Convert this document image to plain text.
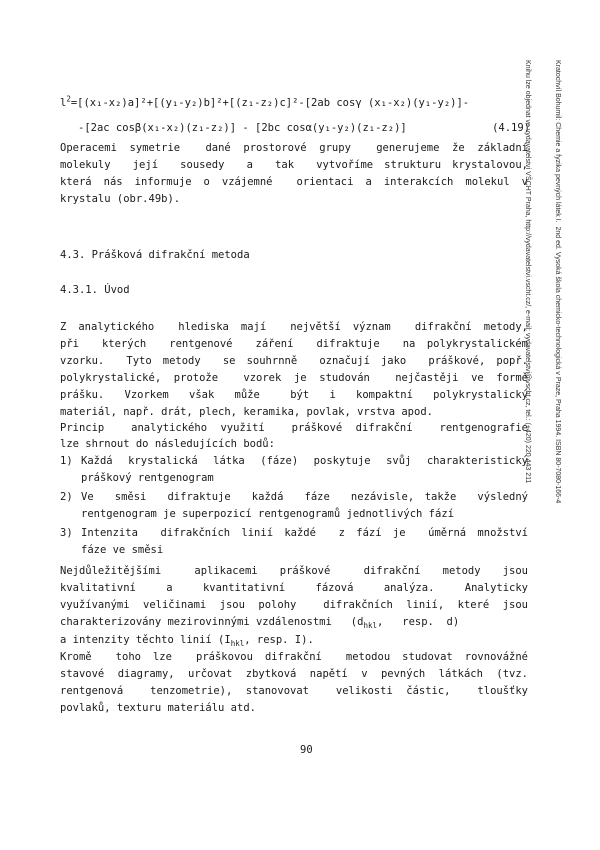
$l^2=[(x_1-x_2)a]^2+[(y_1-y_2)b]^2+[(z_1-z_2)c]^2-[2ab$ cosγ (x₁-x₂)(y₁-y₂)]-
-[2ac cosβ(x₁-x₂)(z₁-z₂)] - [2bc cosα(y₁-y₂)(z₁-z₂)]	(4.19)
Operacemi symetrie  dané prostorové grupy  generujeme že základní
molekuly  její  sousedy  a  tak  vytvoříme strukturu krystalovou,
která nás informuje o vzájemné  orientaci a interakcích molekul v
krystalu (obr.49b).
4.3. Prášková difrakční metoda
4.3.1. Úvod
Z analytického  hlediska mají  největší význam  difrakční metody,
při  kterých  rentgenové  záření  difraktuje  na polykrystalickém
vzorku.  Tyto metody  se souhrnně  označují jako  práškové, popř.
polykrystalické, protože  vzorek je studován  nejčastěji ve formě
prášku.  Vzorkem  však  může   být  i  kompaktní  polykrystalický
materiál, např. drát, plech, keramika, povlak, vrstva apod.
Princip  analytického využití  práškové difrakční  rentgenografie
lze shrnout do následujících bodů:
1) Každá krystalická látka (fáze) poskytuje svůj charakteristický
práškový rentgenogram
2) Ve  směsi  difraktuje  každá  fáze  nezávisle, takže  výsledný
rentgenogram je superpozicí rentgenogramů jednotlivých fází
3) Intenzita  difrakčních linií každé  z fází je  úměrná množství
fáze ve směsi
Nejdůležitějšími   aplikacemi  práškové   difrakční  metody  jsou
kvalitativní   a   kvantitativní   fázová   analýza.   Analyticky
využívanými veličinami jsou polohy  difrakčních linií, které jsou
charakterizovány mezirovinnými vzdálenostmi   ($d_{hkl}$,   resp.  d)
a intenzity těchto linií ($I_{hkl}$, resp. I).
Kromě  toho lze  práškovou difrakční  metodou studovat rovnovážné
stavové diagramy, určovat zbytková napětí v pevných látkách (tvz.
rentgenová  tenzometrie), stanovovat  velikosti částic,  tloušťky
povlaků, texturu materiálu atd.
90

Kratochvíl Bohumil: Chemie a fyzika pevných látek I.  2nd ed. Vysoká škola chemicko-technologická v Praze, Praha 1994. ISBN 80-7080-166-4

Knihu lze objednat ve vydavatelství VŠCHT Praha, http://vydavatelstvi.vscht.cz/, e-mail: vydavatelstvi@vscht.cz, tel.: (+420) 220 443 211
